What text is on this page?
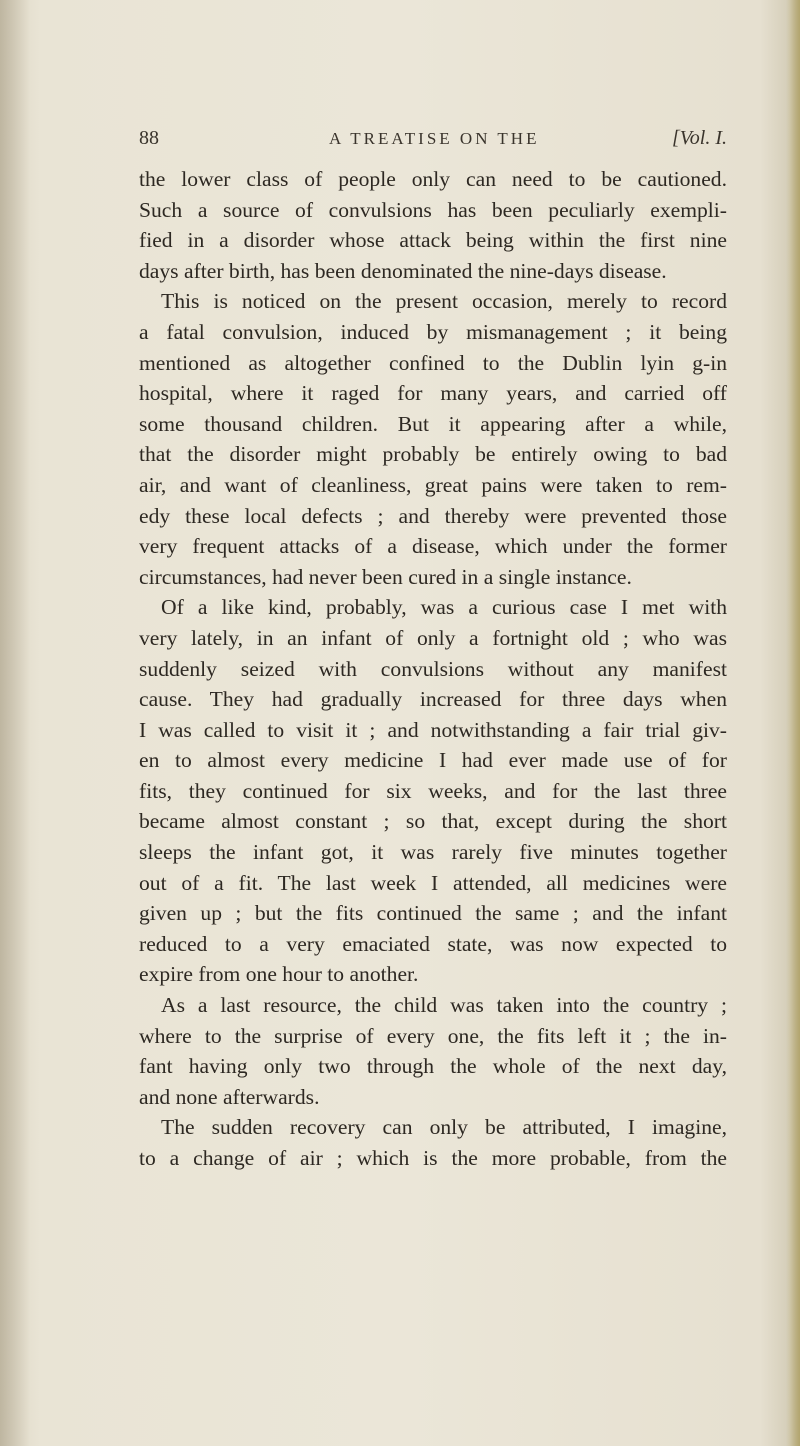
88	A TREATISE ON THE	[Vol. I.
the lower class of people only can need to be cautioned.
Such a source of convulsions has been peculiarly exempli-
fied in a disorder whose attack being within the first nine
days after birth, has been denominated the nine-days disease.
This is noticed on the present occasion, merely to record
a fatal convulsion, induced by mismanagement ; it being
mentioned as altogether confined to the Dublin lyin g-in
hospital, where it raged for many years, and carried off
some thousand children. But it appearing after a while,
that the disorder might probably be entirely owing to bad
air, and want of cleanliness, great pains were taken to rem-
edy these local defects ; and thereby were prevented those
very frequent attacks of a disease, which under the former
circumstances, had never been cured in a single instance.
Of a like kind, probably, was a curious case I met with
very lately, in an infant of only a fortnight old ; who was
suddenly seized with convulsions without any manifest
cause. They had gradually increased for three days when
I was called to visit it ; and notwithstanding a fair trial giv-
en to almost every medicine I had ever made use of for
fits, they continued for six weeks, and for the last three
became almost constant ; so that, except during the short
sleeps the infant got, it was rarely five minutes together
out of a fit. The last week I attended, all medicines were
given up ; but the fits continued the same ; and the infant
reduced to a very emaciated state, was now expected to
expire from one hour to another.
As a last resource, the child was taken into the country ;
where to the surprise of every one, the fits left it ; the in-
fant having only two through the whole of the next day,
and none afterwards.
The sudden recovery can only be attributed, I imagine,
to a change of air ; which is the more probable, from the
